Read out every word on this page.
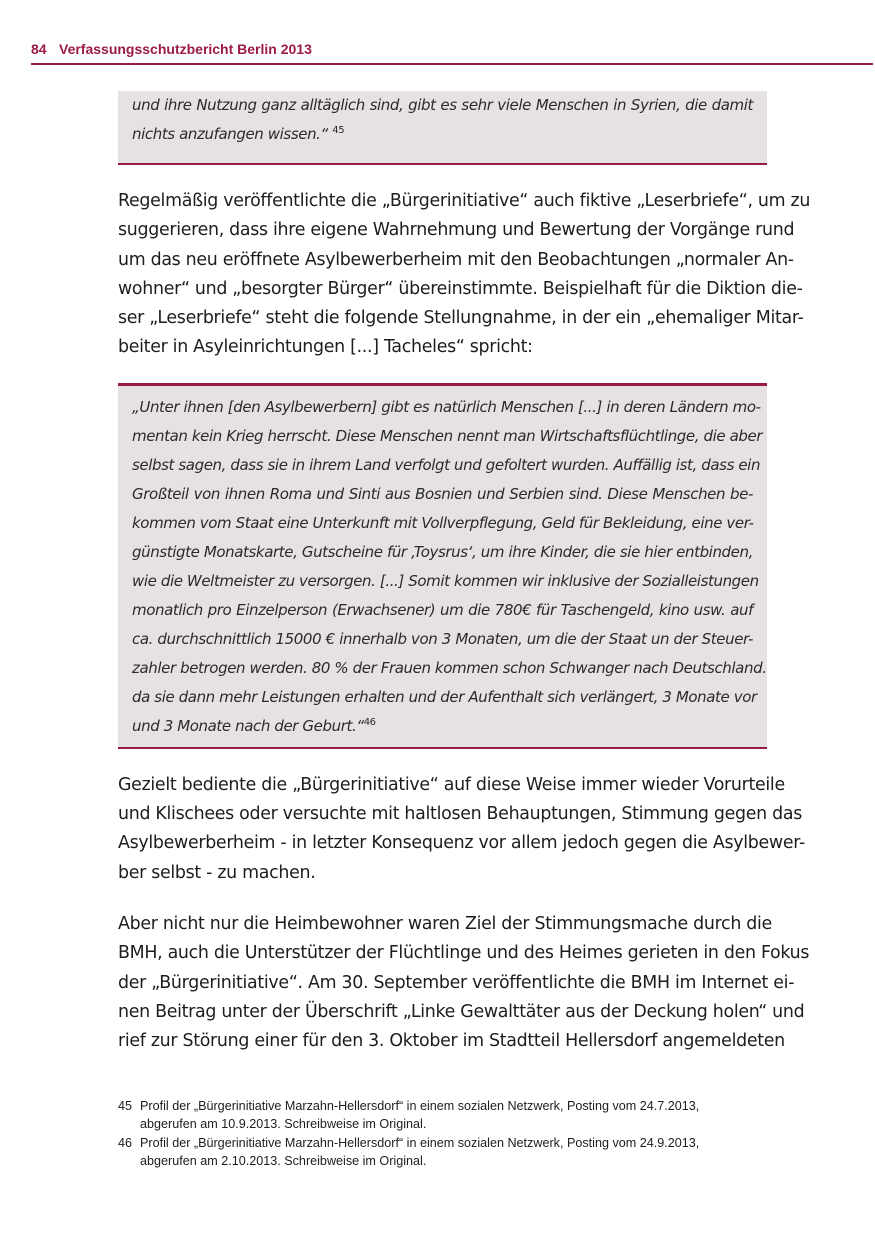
84 Verfassungsschutzbericht Berlin 2013
und ihre Nutzung ganz alltäglich sind, gibt es sehr viele Menschen in Syrien, die damit
nichts anzufangen wissen.“ $^{45}$
Regelmäßig veröffentlichte die „Bürgerinitiative“ auch fiktive „Leserbriefe“, um zu
suggerieren, dass ihre eigene Wahrnehmung und Bewertung der Vorgänge rund
um das neu eröffnete Asylbewerberheim mit den Beobachtungen „normaler An-
wohner“ und „besorgter Bürger“ übereinstimmte. Beispielhaft für die Diktion die-
ser „Leserbriefe“ steht die folgende Stellungnahme, in der ein „ehemaliger Mitar-
beiter in Asyleinrichtungen [...] Tacheles“ spricht:
„Unter ihnen [den Asylbewerbern] gibt es natürlich Menschen [...] in deren Ländern mo-
mentan kein Krieg herrscht. Diese Menschen nennt man Wirtschaftsflüchtlinge, die aber
selbst sagen, dass sie in ihrem Land verfolgt und gefoltert wurden. Auffällig ist, dass ein
Großteil von ihnen Roma und Sinti aus Bosnien und Serbien sind. Diese Menschen be-
kommen vom Staat eine Unterkunft mit Vollverpflegung, Geld für Bekleidung, eine ver-
günstigte Monatskarte, Gutscheine für ‚Toysrus‘, um ihre Kinder, die sie hier entbinden,
wie die Weltmeister zu versorgen. [...] Somit kommen wir inklusive der Sozialleistungen
monatlich pro Einzelperson (Erwachsener) um die 780€ für Taschengeld, kino usw. auf
ca. durchschnittlich 15000 € innerhalb von 3 Monaten, um die der Staat un der Steuer-
zahler betrogen werden. 80 % der Frauen kommen schon Schwanger nach Deutschland.
da sie dann mehr Leistungen erhalten und der Aufenthalt sich verlängert, 3 Monate vor
und 3 Monate nach der Geburt.“$^{46}$
Gezielt bediente die „Bürgerinitiative“ auf diese Weise immer wieder Vorurteile
und Klischees oder versuchte mit haltlosen Behauptungen, Stimmung gegen das
Asylbewerberheim - in letzter Konsequenz vor allem jedoch gegen die Asylbewer-
ber selbst - zu machen.
Aber nicht nur die Heimbewohner waren Ziel der Stimmungsmache durch die
BMH, auch die Unterstützer der Flüchtlinge und des Heimes gerieten in den Fokus
der „Bürgerinitiative“. Am 30. September veröffentlichte die BMH im Internet ei-
nen Beitrag unter der Überschrift „Linke Gewalttäter aus der Deckung holen“ und
rief zur Störung einer für den 3. Oktober im Stadtteil Hellersdorf angemeldeten
45 Profil der „Bürgerinitiative Marzahn-Hellersdorf“ in einem sozialen Netzwerk, Posting vom 24.7.2013,
abgerufen am 10.9.2013. Schreibweise im Original.
46 Profil der „Bürgerinitiative Marzahn-Hellersdorf“ in einem sozialen Netzwerk, Posting vom 24.9.2013,
abgerufen am 2.10.2013. Schreibweise im Original.
